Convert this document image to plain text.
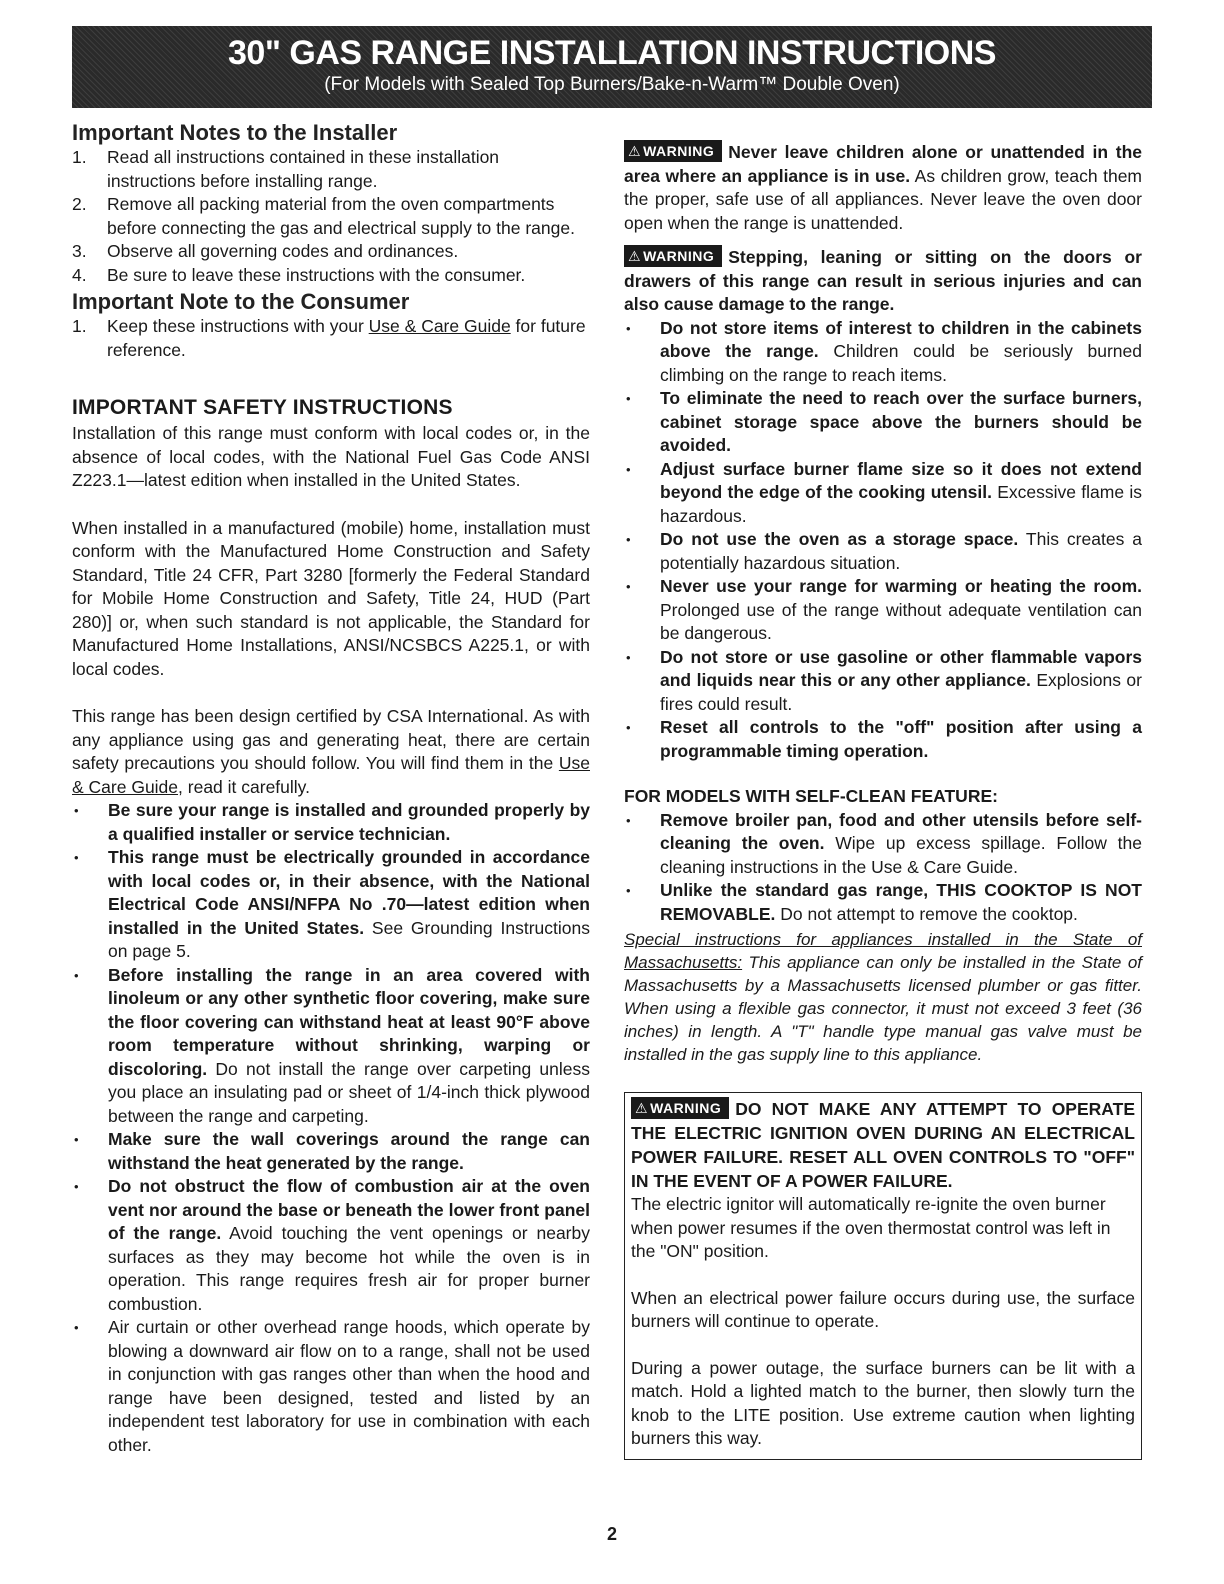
30" GAS RANGE INSTALLATION INSTRUCTIONS
(For Models with Sealed Top Burners/Bake-n-Warm™ Double Oven)

Important Notes to the Installer

1. Read all instructions contained in these installation instructions before installing range.
2. Remove all packing material from the oven compartments before connecting the gas and electrical supply to the range.
3. Observe all governing codes and ordinances.
4. Be sure to leave these instructions with the consumer.

Important Note to the Consumer

1. Keep these instructions with your Use & Care Guide for future reference.

IMPORTANT SAFETY INSTRUCTIONS

Installation of this range must conform with local codes or, in the absence of local codes, with the National Fuel Gas Code ANSI Z223.1—latest edition when installed in the United States.

When installed in a manufactured (mobile) home, installation must conform with the Manufactured Home Construction and Safety Standard, Title 24 CFR, Part 3280 [formerly the Federal Standard for Mobile Home Construction and Safety, Title 24, HUD (Part 280)] or, when such standard is not applicable, the Standard for Manufactured Home Installations, ANSI/NCSBCS A225.1, or with local codes.

This range has been design certified by CSA International. As with any appliance using gas and generating heat, there are certain safety precautions you should follow. You will find them in the Use & Care Guide, read it carefully.

• Be sure your range is installed and grounded properly by a qualified installer or service technician.
• This range must be electrically grounded in accordance with local codes or, in their absence, with the National Electrical Code ANSI/NFPA No .70—latest edition when installed in the United States. See Grounding Instructions on page 5.
• Before installing the range in an area covered with linoleum or any other synthetic floor covering, make sure the floor covering can withstand heat at least 90°F above room temperature without shrinking, warping or discoloring. Do not install the range over carpeting unless you place an insulating pad or sheet of 1/4-inch thick plywood between the range and carpeting.
• Make sure the wall coverings around the range can withstand the heat generated by the range.
• Do not obstruct the flow of combustion air at the oven vent nor around the base or beneath the lower front panel of the range. Avoid touching the vent openings or nearby surfaces as they may become hot while the oven is in operation. This range requires fresh air for proper burner combustion.
• Air curtain or other overhead range hoods, which operate by blowing a downward air flow on to a range, shall not be used in conjunction with gas ranges other than when the hood and range have been designed, tested and listed by an independent test laboratory for use in combination with each other.

⚠ WARNING Never leave children alone or unattended in the area where an appliance is in use. As children grow, teach them the proper, safe use of all appliances. Never leave the oven door open when the range is unattended.

⚠ WARNING Stepping, leaning or sitting on the doors or drawers of this range can result in serious injuries and can also cause damage to the range.

• Do not store items of interest to children in the cabinets above the range. Children could be seriously burned climbing on the range to reach items.
• To eliminate the need to reach over the surface burners, cabinet storage space above the burners should be avoided.
• Adjust surface burner flame size so it does not extend beyond the edge of the cooking utensil. Excessive flame is hazardous.
• Do not use the oven as a storage space. This creates a potentially hazardous situation.
• Never use your range for warming or heating the room. Prolonged use of the range without adequate ventilation can be dangerous.
• Do not store or use gasoline or other flammable vapors and liquids near this or any other appliance. Explosions or fires could result.
• Reset all controls to the "off" position after using a programmable timing operation.

FOR MODELS WITH SELF-CLEAN FEATURE:

• Remove broiler pan, food and other utensils before self-cleaning the oven. Wipe up excess spillage. Follow the cleaning instructions in the Use & Care Guide.
• Unlike the standard gas range, THIS COOKTOP IS NOT REMOVABLE. Do not attempt to remove the cooktop.

Special instructions for appliances installed in the State of Massachusetts: This appliance can only be installed in the State of Massachusetts by a Massachusetts licensed plumber or gas fitter. When using a flexible gas connector, it must not exceed 3 feet (36 inches) in length. A "T" handle type manual gas valve must be installed in the gas supply line to this appliance.

⚠ WARNING DO NOT MAKE ANY ATTEMPT TO OPERATE THE ELECTRIC IGNITION OVEN DURING AN ELECTRICAL POWER FAILURE. RESET ALL OVEN CONTROLS TO "OFF" IN THE EVENT OF A POWER FAILURE.

The electric ignitor will automatically re-ignite the oven burner when power resumes if the oven thermostat control was left in the "ON" position.

When an electrical power failure occurs during use, the surface burners will continue to operate.

During a power outage, the surface burners can be lit with a match. Hold a lighted match to the burner, then slowly turn the knob to the LITE position. Use extreme caution when lighting burners this way.

2
